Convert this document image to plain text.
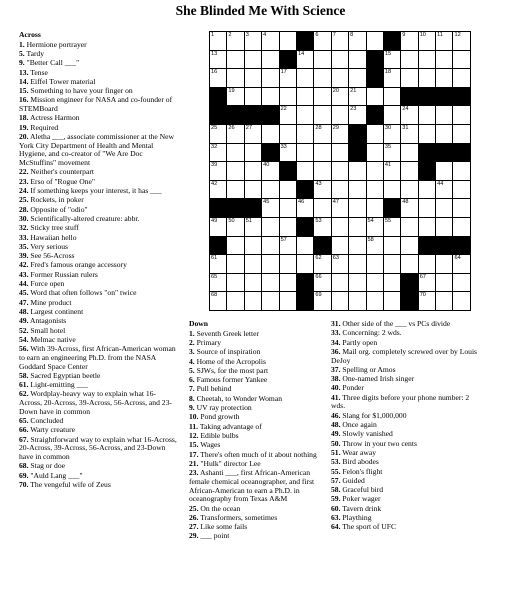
She Blinded Me With Science
1	2	3	4	6	7	8	9	10 11 12
13	14	15
16	17	18
19	20 21
22	23	24
25 26 27	28 29	30 31
32	33	35
39	40	41
42	43	44
45	46	47	48
49 50 51	53	54 55
57	58
61	62 63	64
65	66	67
68	69	70
Across
1. Hermione portrayer
5. Tardy
9. "Better Call ___"
13. Tense
14. Eiffel Tower material
15. Something to have your finger on
16. Mission engineer for NASA and co-founder of STEMBoard
18. Actress Harmon
19. Required
20. Aletha ___, associate commissioner at the New York City Department of Health and Mental Hygiene, and co-creator of "We Are Doc McStuffins" movement
22. Neither's counterpart
23. Erso of "Rogue One"
24. If something keeps your interest, it has ___
25. Rockets, in poker
28. Opposite of "odio"
30. Scientifically-altered creature: abbr.
32. Sticky tree stuff
33. Hawaiian hello
35. Very serious
39. See 56-Across
42. Fred's famous orange accessory
43. Former Russian rulers
44. Force open
45. Word that often follows "on" twice
47. Mine product
48. Largest continent
49. Antagonists
52. Small hotel
54. Melmac native
56. With 39-Across, first African-American woman to earn an engineering Ph.D. from the NASA Goddard Space Center
58. Sacred Egyptian beetle
61. Light-emitting ___
62. Wordplay-heavy way to explain what 16-Across, 20-Across, 39-Across, 56-Across, and 23-Down have in common
65. Concluded
66. Warty creature
67. Straightforward way to explain what 16-Across, 20-Across, 39-Across, 56-Across, and 23-Down have in common
68. Stag or doe
69. "Auld Lang ___"
70. The vengeful wife of Zeus
Down
1. Seventh Greek letter
2. Primary
3. Source of inspiration
4. Home of the Acropolis
5. SJWs, for the most part
6. Famous former Yankee
7. Pull behind
8. Cheetah, to Wonder Woman
9. UV ray protection
10. Pond growth
11. Taking advantage of
12. Edible bulbs
15. Wages
17. There's often much of it about nothing
21. "Hulk" director Lee
23. Ashanti ___, first African-American female chemical oceanographer, and first African-American to earn a Ph.D. in oceanography from Texas A&M
25. On the ocean
26. Transformers, sometimes
27. Like some fails
29. ___ point
31. Other side of the ___ vs PCs divide
33. Concerning: 2 wds.
34. Partly open
36. Mail org. completely screwed over by Louis DeJoy
37. Spelling or Amos
38. One-named Irish singer
40. Ponder
41. Three digits before your phone number: 2 wds.
46. Slang for $1,000,000
48. Once again
49. Slowly vanished
50. Throw in your two cents
51. Wear away
53. Bird abodes
55. Felon's flight
57. Guided
58. Graceful bird
59. Poker wager
60. Tavern drink
63. Plaything
64. The sport of UFC
